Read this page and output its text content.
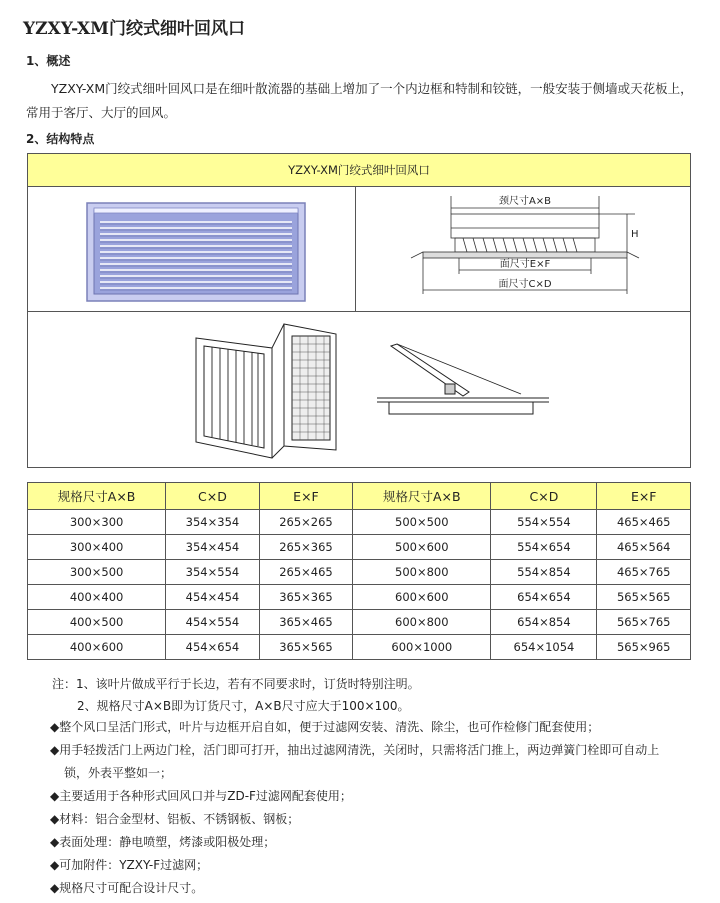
YZXY-XM门绞式细叶回风口
1、概述
YZXY-XM门绞式细叶回风口是在细叶散流器的基础上增加了一个内边框和特制和铰链，一般安装于侧墙或天花板上，常用于客厅、大厅的回风。
2、结构特点
YZXY-XM门绞式细叶回风口
颈尺寸A×B
H
面尺寸E×F
面尺寸C×D
规格尺寸A×B	C×D	E×F	规格尺寸A×B	C×D	E×F
300×300	354×354	265×265	500×500	554×554	465×465
300×400	354×454	265×365	500×600	554×654	465×564
300×500	354×554	265×465	500×800	554×854	465×765
400×400	454×454	365×365	600×600	654×654	565×565
400×500	454×554	365×465	600×800	654×854	565×765
400×600	454×654	365×565	600×1000	654×1054	565×965
注：1、该叶片做成平行于长边，若有不同要求时，订货时特别注明。
2、规格尺寸A×B即为订货尺寸，A×B尺寸应大于100×100。
◆整个风口呈活门形式，叶片与边框开启自如，便于过滤网安装、清洗、除尘，也可作检修门配套使用；
◆用手轻拨活门上两边门栓，活门即可打开，抽出过滤网清洗，关闭时，只需将活门推上，两边弹簧门栓即可自动上
锁，外表平整如一；
◆主要适用于各种形式回风口并与ZD-F过滤网配套使用；
◆材料：铝合金型材、铝板、不锈钢板、钢板；
◆表面处理：静电喷塑，烤漆或阳极处理；
◆可加附件：YZXY-F过滤网；
◆规格尺寸可配合设计尺寸。
